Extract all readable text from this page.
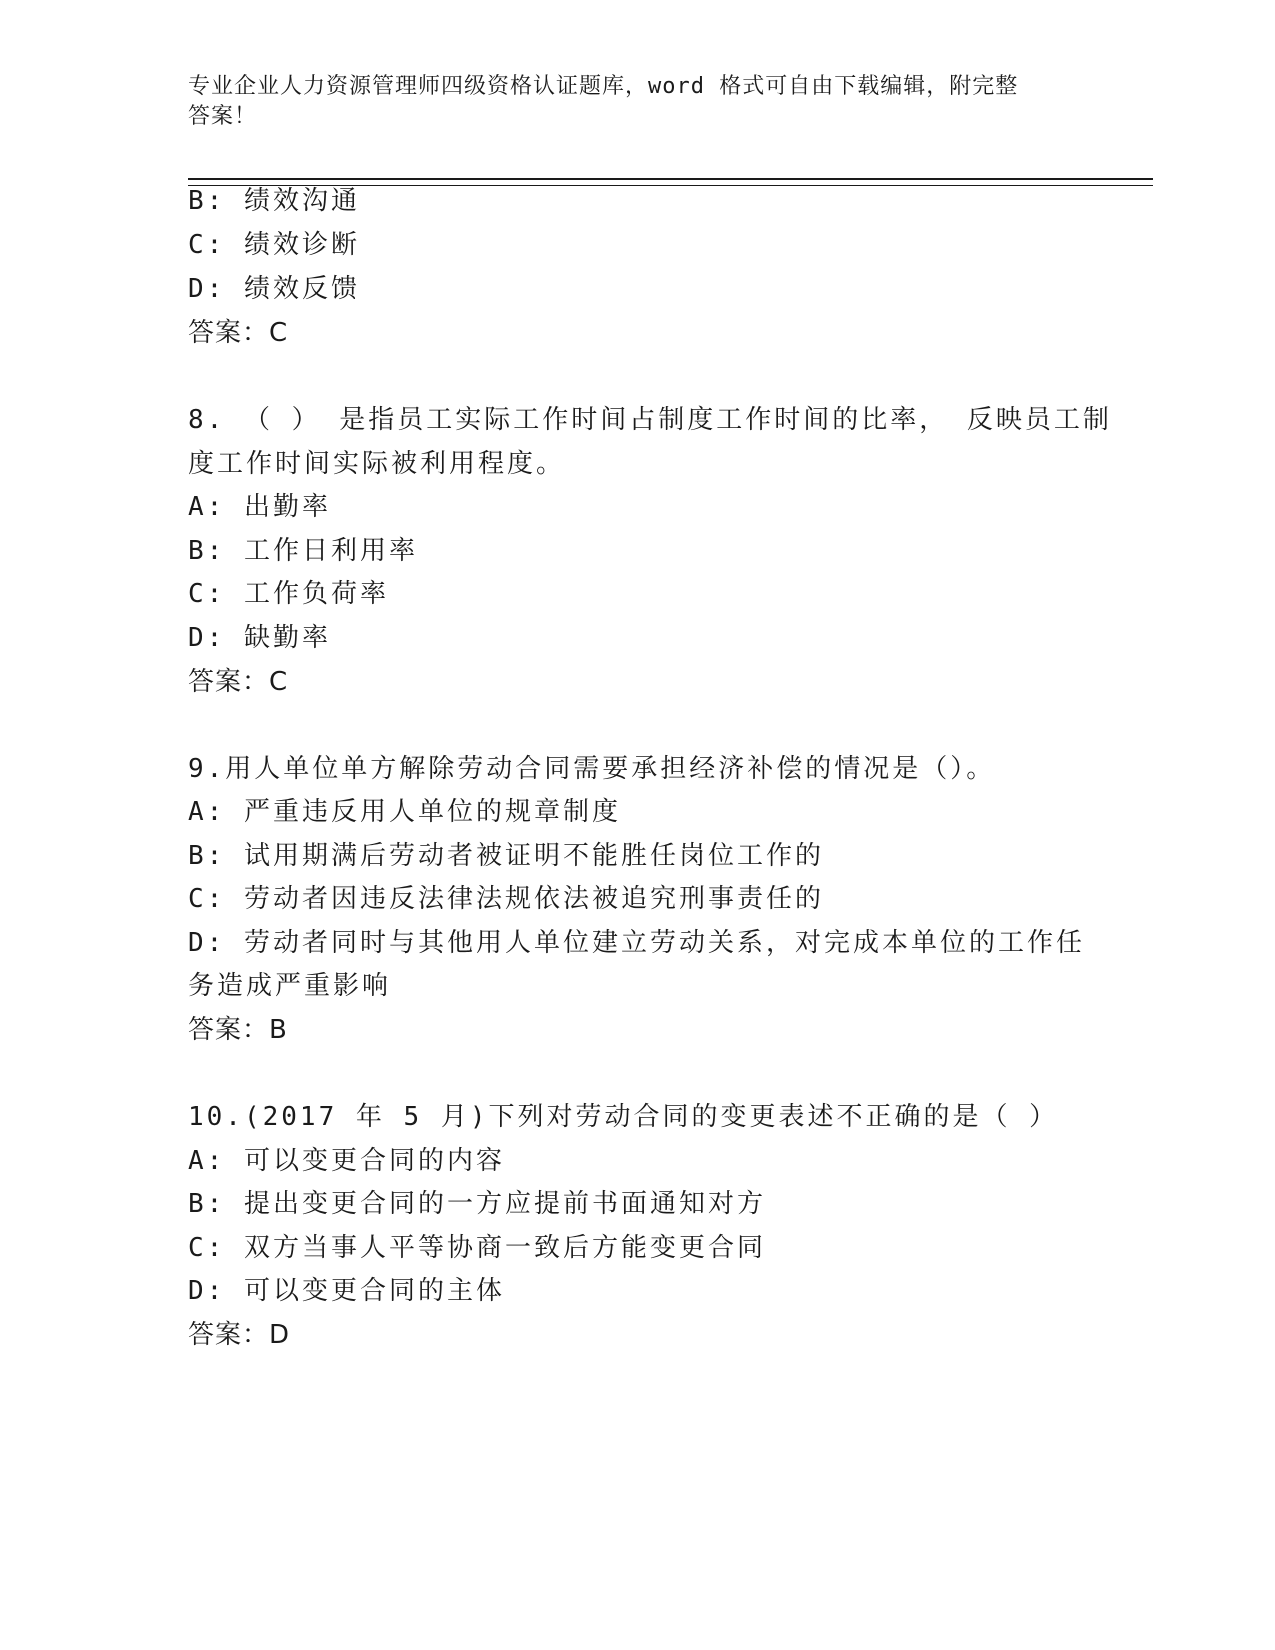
专业企业人力资源管理师四级资格认证题库，word 格式可自由下载编辑，附完整
答案！
B: 绩效沟通
C: 绩效诊断
D: 绩效反馈
答案：C
8. （ ） 是指员工实际工作时间占制度工作时间的比率， 反映员工制
度工作时间实际被利用程度。
A: 出勤率
B: 工作日利用率
C: 工作负荷率
D: 缺勤率
答案：C
9.用人单位单方解除劳动合同需要承担经济补偿的情况是（）。
A: 严重违反用人单位的规章制度
B: 试用期满后劳动者被证明不能胜任岗位工作的
C: 劳动者因违反法律法规依法被追究刑事责任的
D: 劳动者同时与其他用人单位建立劳动关系，对完成本单位的工作任
务造成严重影响
答案：B
10.(2017 年 5 月)下列对劳动合同的变更表述不正确的是（ ）
A: 可以变更合同的内容
B: 提出变更合同的一方应提前书面通知对方
C: 双方当事人平等协商一致后方能变更合同
D: 可以变更合同的主体
答案：D
